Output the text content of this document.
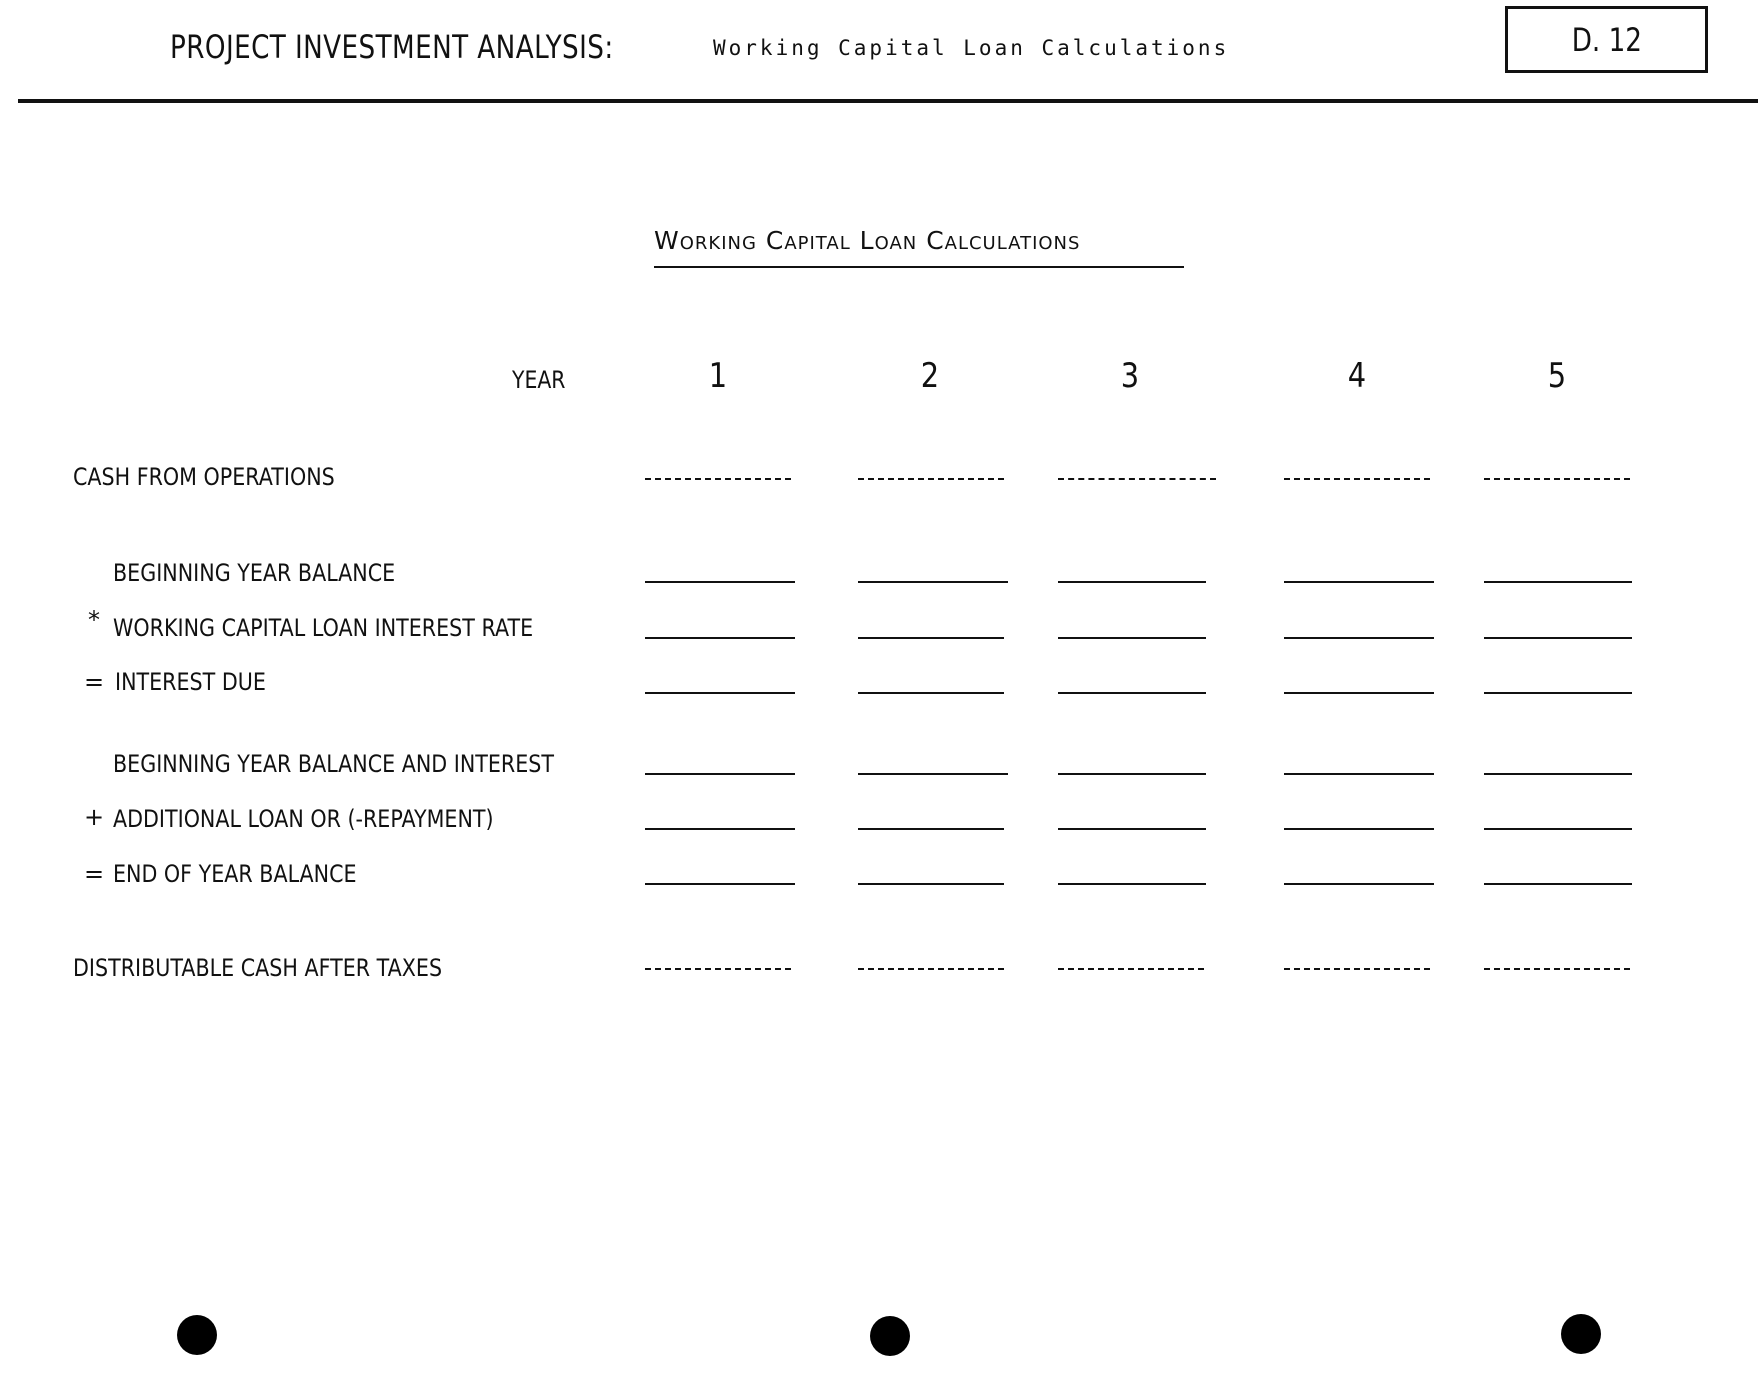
PROJECT INVESTMENT ANALYSIS:	Working Capital Loan Calculations	D. 12
Working Capital Loan Calculations
YEAR	1	2	3	4	5
CASH FROM OPERATIONS
BEGINNING YEAR BALANCE
* WORKING CAPITAL LOAN INTEREST RATE
= INTEREST DUE
BEGINNING YEAR BALANCE AND INTEREST
+ ADDITIONAL LOAN OR (-REPAYMENT)
= END OF YEAR BALANCE
DISTRIBUTABLE CASH AFTER TAXES
